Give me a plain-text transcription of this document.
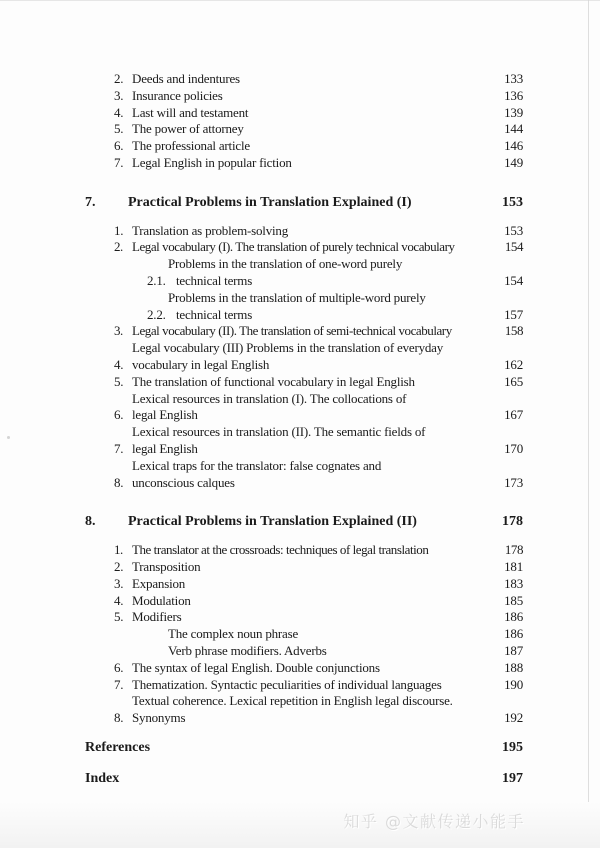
2. Deeds and indentures	133
3. Insurance policies	136
4. Last will and testament	139
5. The power of attorney	144
6. The professional article	146
7. Legal English in popular fiction	149
7.	Practical Problems in Translation Explained (I)	153
1. Translation as problem-solving	153
2. Legal vocabulary (I). The translation of purely technical vocabulary	154
2.1.
Problems in the translation of one-word purely
technical terms	154
2.2.
Problems in the translation of multiple-word purely
technical terms	157
3. Legal vocabulary (II). The translation of semi-technical vocabulary	158
4.
Legal vocabulary (III) Problems in the translation of everyday
vocabulary in legal English	162
5. The translation of functional vocabulary in legal English	165
6.
Lexical resources in translation (I). The collocations of
legal English	167
7.
Lexical resources in translation (II). The semantic fields of
legal English	170
8.
Lexical traps for the translator: false cognates and
unconscious calques	173
8.	Practical Problems in Translation Explained (II)	178
1. The translator at the crossroads: techniques of legal translation	178
2. Transposition	181
3. Expansion	183
4. Modulation	185
5. Modifiers	186
The complex noun phrase	186
Verb phrase modifiers. Adverbs	187
6. The syntax of legal English. Double conjunctions	188
7. Thematization. Syntactic peculiarities of individual languages	190
8.
Textual coherence. Lexical repetition in English legal discourse.
Synonyms	192
References	195
Index	197
知乎 @文献传递小能手
